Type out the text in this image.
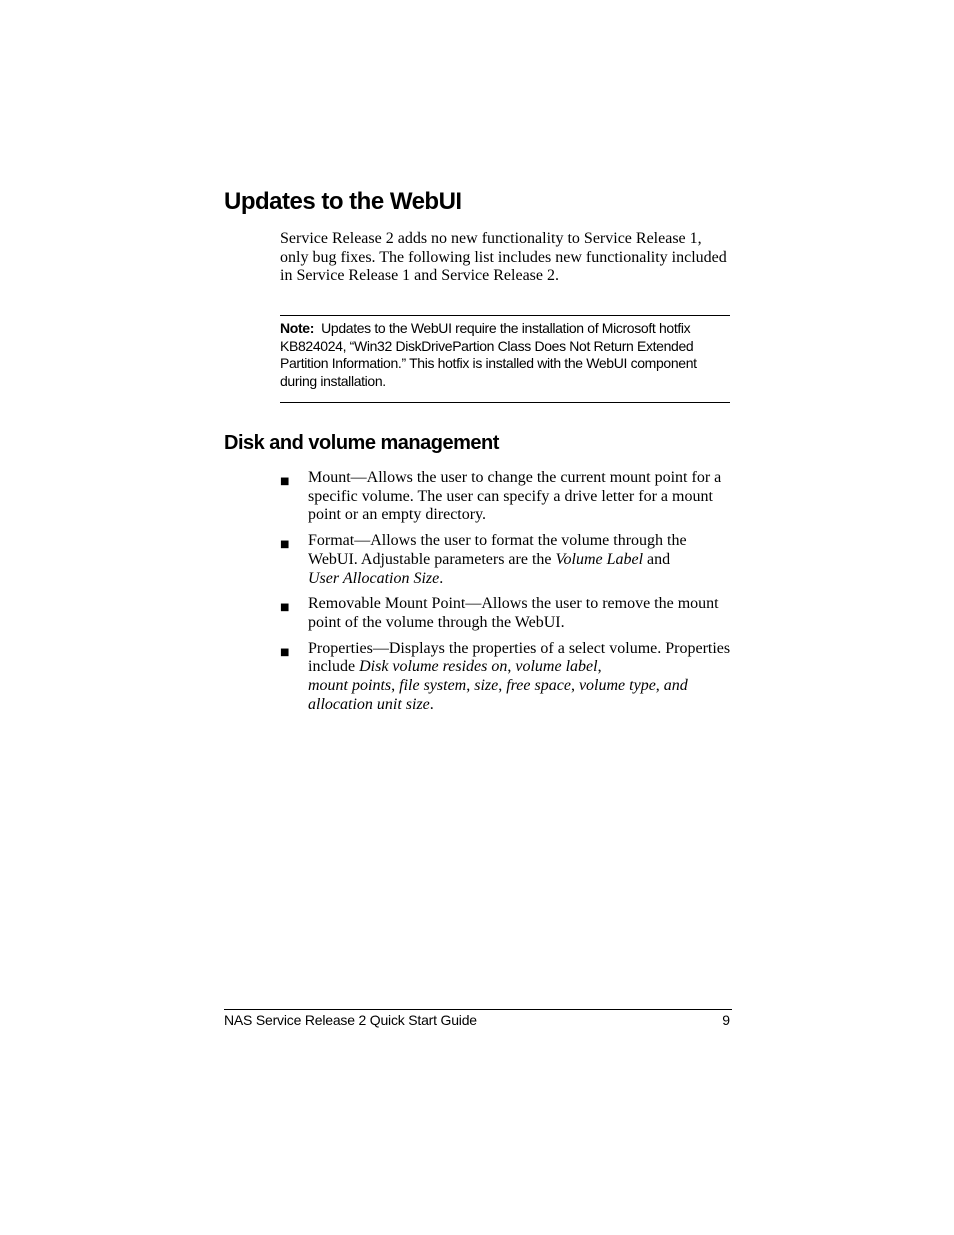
Updates to the WebUI

Service Release 2 adds no new functionality to Service Release 1, only bug fixes. The following list includes new functionality included in Service Release 1 and Service Release 2.

Note: Updates to the WebUI require the installation of Microsoft hotfix KB824024, “Win32 DiskDrivePartion Class Does Not Return Extended Partition Information.” This hotfix is installed with the WebUI component during installation.

Disk and volume management
■ Mount—Allows the user to change the current mount point for a specific volume. The user can specify a drive letter for a mount point or an empty directory.
■ Format—Allows the user to format the volume through the WebUI. Adjustable parameters are the Volume Label and
User Allocation Size.
■ Removable Mount Point—Allows the user to remove the mount point of the volume through the WebUI.
■ Properties—Displays the properties of a select volume. Properties include Disk volume resides on, volume label,
mount points, file system, size, free space, volume type, and allocation unit size.
NAS Service Release 2 Quick Start Guide	9
